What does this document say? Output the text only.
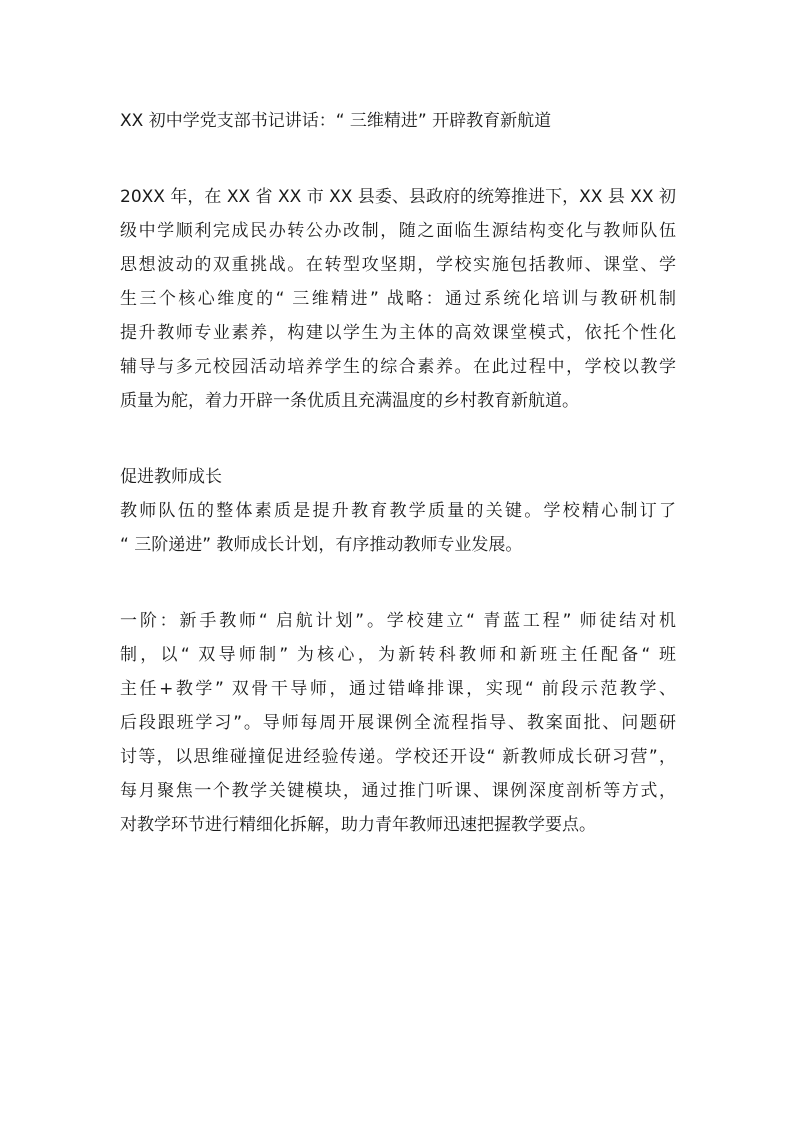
XX 初中学党支部书记讲话：“ 三维精进” 开辟教育新航道

20XX 年，在 XX 省 XX 市 XX 县委、县政府的统筹推进下，XX 县 XX 初

级中学顺利完成民办转公办改制，随之面临生源结构变化与教师队伍

思想波动的双重挑战。在转型攻坚期，学校实施包括教师、课堂、学

生三个核心维度的“ 三维精进” 战略：通过系统化培训与教研机制

提升教师专业素养，构建以学生为主体的高效课堂模式，依托个性化

辅导与多元校园活动培养学生的综合素养。在此过程中，学校以教学

质量为舵，着力开辟一条优质且充满温度的乡村教育新航道。

促进教师成长

教师队伍的整体素质是提升教育教学质量的关键。学校精心制订了

“ 三阶递进” 教师成长计划，有序推动教师专业发展。

一阶：新手教师“ 启航计划”。学校建立“ 青蓝工程” 师徒结对机

制，以“ 双导师制” 为核心，为新转科教师和新班主任配备“ 班

主任+教学” 双骨干导师，通过错峰排课，实现“ 前段示范教学、

后段跟班学习”。导师每周开展课例全流程指导、教案面批、问题研

讨等，以思维碰撞促进经验传递。学校还开设“ 新教师成长研习营”，

每月聚焦一个教学关键模块，通过推门听课、课例深度剖析等方式，

对教学环节进行精细化拆解，助力青年教师迅速把握教学要点。
